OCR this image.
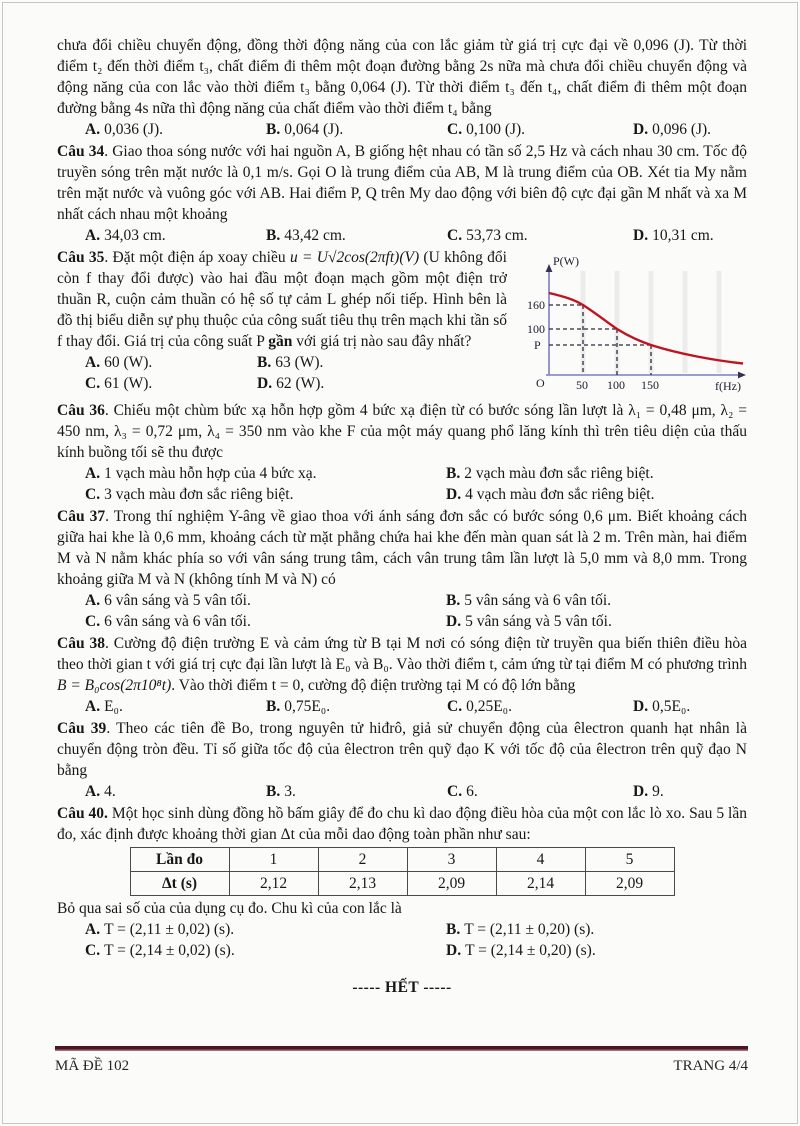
chưa đổi chiều chuyển động, đồng thời động năng của con lắc giảm từ giá trị cực đại về 0,096 (J). Từ thời điểm t₂ đến thời điểm t₃, chất điểm đi thêm một đoạn đường bằng 2s nữa mà chưa đổi chiều chuyển động và động năng của con lắc vào thời điểm t₃ bằng 0,064 (J). Từ thời điểm t₃ đến t₄, chất điểm đi thêm một đoạn đường bằng 4s nữa thì động năng của chất điểm vào thời điểm t₄ bằng
A. 0,036 (J).	B. 0,064 (J).	C. 0,100 (J).	D. 0,096 (J).
Câu 34. Giao thoa sóng nước với hai nguồn A, B giống hệt nhau có tần số 2,5 Hz và cách nhau 30 cm. Tốc độ truyền sóng trên mặt nước là 0,1 m/s. Gọi O là trung điểm của AB, M là trung điểm của OB. Xét tia My nằm trên mặt nước và vuông góc với AB. Hai điểm P, Q trên My dao động với biên độ cực đại gần M nhất và xa M nhất cách nhau một khoảng
A. 34,03 cm.	B. 43,42 cm.	C. 53,73 cm.	D. 10,31 cm.
Câu 35. Đặt một điện áp xoay chiều u = U√2cos(2πft)(V) (U không đổi còn f thay đổi được) vào hai đầu một đoạn mạch gồm một điện trở thuần R, cuộn cảm thuần có hệ số tự cảm L ghép nối tiếp. Hình bên là đồ thị biểu diễn sự phụ thuộc của công suất tiêu thụ trên mạch khi tần số f thay đổi. Giá trị của công suất P gần với giá trị nào sau đây nhất?
A. 60 (W).	B. 63 (W).
C. 61 (W).	D. 62 (W).
P(W)
f(Hz)
O
160
100
P
50 100 150
Câu 36. Chiếu một chùm bức xạ hỗn hợp gồm 4 bức xạ điện từ có bước sóng lần lượt là λ₁ = 0,48 μm, λ₂ = 450 nm, λ₃ = 0,72 μm, λ₄ = 350 nm vào khe F của một máy quang phổ lăng kính thì trên tiêu diện của thấu kính buồng tối sẽ thu được
A. 1 vạch màu hỗn hợp của 4 bức xạ.	B. 2 vạch màu đơn sắc riêng biệt.
C. 3 vạch màu đơn sắc riêng biệt.	D. 4 vạch màu đơn sắc riêng biệt.
Câu 37. Trong thí nghiệm Y-âng về giao thoa với ánh sáng đơn sắc có bước sóng 0,6 μm. Biết khoảng cách giữa hai khe là 0,6 mm, khoảng cách từ mặt phẳng chứa hai khe đến màn quan sát là 2 m. Trên màn, hai điểm M và N nằm khác phía so với vân sáng trung tâm, cách vân trung tâm lần lượt là 5,0 mm và 8,0 mm. Trong khoảng giữa M và N (không tính M và N) có
A. 6 vân sáng và 5 vân tối.	B. 5 vân sáng và 6 vân tối.
C. 6 vân sáng và 6 vân tối.	D. 5 vân sáng và 5 vân tối.
Câu 38. Cường độ điện trường E và cảm ứng từ B tại M nơi có sóng điện từ truyền qua biến thiên điều hòa theo thời gian t với giá trị cực đại lần lượt là E₀ và B₀. Vào thời điểm t, cảm ứng từ tại điểm M có phương trình B = B₀cos(2π10⁸t). Vào thời điểm t = 0, cường độ điện trường tại M có độ lớn bằng
A. E₀.	B. 0,75E₀.	C. 0,25E₀.	D. 0,5E₀.
Câu 39. Theo các tiên đề Bo, trong nguyên tử hiđrô, giả sử chuyển động của êlectron quanh hạt nhân là chuyển động tròn đều. Tỉ số giữa tốc độ của êlectron trên quỹ đạo K với tốc độ của êlectron trên quỹ đạo N bằng
A. 4.	B. 3.	C. 6.	D. 9.
Câu 40. Một học sinh dùng đồng hồ bấm giây để đo chu kì dao động điều hòa của một con lắc lò xo. Sau 5 lần đo, xác định được khoảng thời gian Δt của mỗi dao động toàn phần như sau:
Lần đo	1	2	3	4	5
Δt (s)	2,12	2,13	2,09	2,14	2,09
Bỏ qua sai số của của dụng cụ đo. Chu kì của con lắc là
A. T = (2,11 ± 0,02) (s).	B. T = (2,11 ± 0,20) (s).
C. T = (2,14 ± 0,02) (s).	D. T = (2,14 ± 0,20) (s).
----- HẾT -----
MÃ ĐỀ 102	TRANG 4/4
